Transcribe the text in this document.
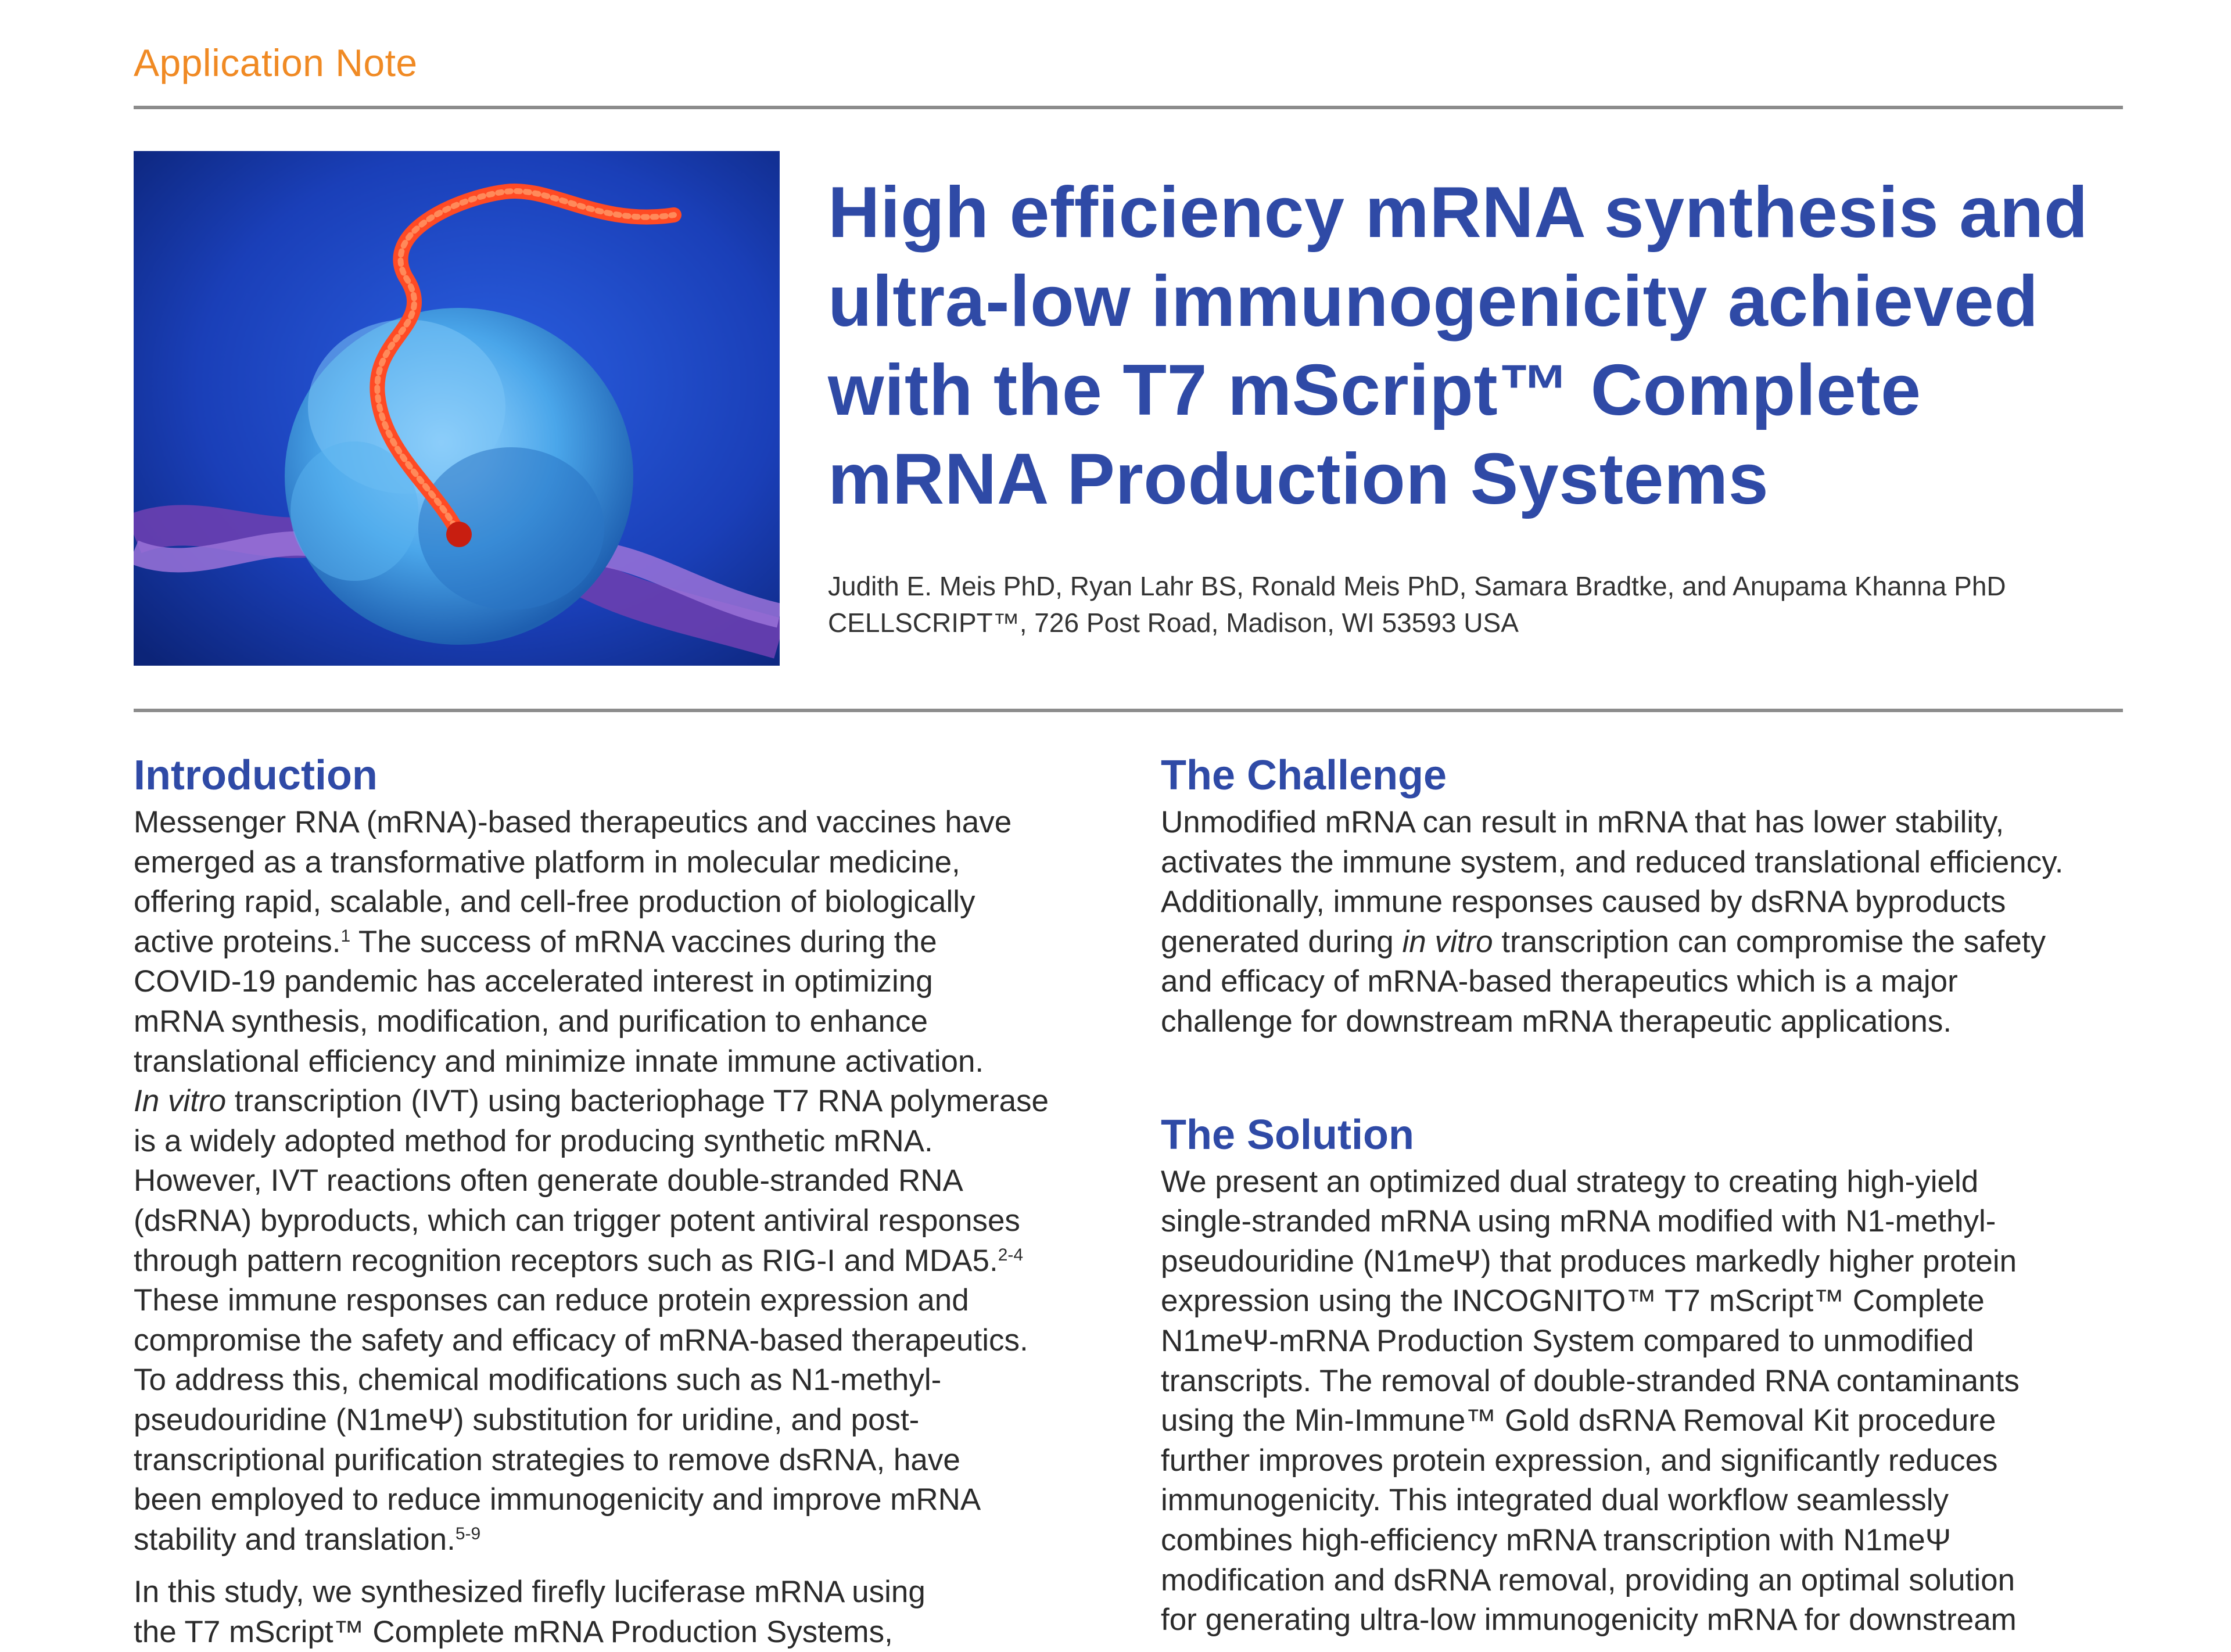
Application Note
High efficiency mRNA synthesis and
ultra-low immunogenicity achieved
with the T7 mScript™ Complete
mRNA Production Systems
Judith E. Meis PhD, Ryan Lahr BS, Ronald Meis PhD, Samara Bradtke, and Anupama Khanna PhD
CELLSCRIPT™, 726 Post Road, Madison, WI 53593 USA
Introduction
Messenger RNA (mRNA)-based therapeutics and vaccines have
emerged as a transformative platform in molecular medicine,
offering rapid, scalable, and cell-free production of biologically
active proteins.$^1$ The success of mRNA vaccines during the
COVID-19 pandemic has accelerated interest in optimizing
mRNA synthesis, modification, and purification to enhance
translational efficiency and minimize innate immune activation.
In vitro transcription (IVT) using bacteriophage T7 RNA polymerase
is a widely adopted method for producing synthetic mRNA.
However, IVT reactions often generate double-stranded RNA
(dsRNA) byproducts, which can trigger potent antiviral responses
through pattern recognition receptors such as RIG-I and MDA5.$^{2-4}$
These immune responses can reduce protein expression and
compromise the safety and efficacy of mRNA-based therapeutics.
To address this, chemical modifications such as N1-methyl-
pseudouridine (N1meΨ) substitution for uridine, and post-
transcriptional purification strategies to remove dsRNA, have
been employed to reduce immunogenicity and improve mRNA
stability and translation.$^{5-9}$
In this study, we synthesized firefly luciferase mRNA using
the T7 mScript™ Complete mRNA Production Systems,
The Challenge
Unmodified mRNA can result in mRNA that has lower stability,
activates the immune system, and reduced translational efficiency.
Additionally, immune responses caused by dsRNA byproducts
generated during in vitro transcription can compromise the safety
and efficacy of mRNA-based therapeutics which is a major
challenge for downstream mRNA therapeutic applications.
The Solution
We present an optimized dual strategy to creating high-yield
single-stranded mRNA using mRNA modified with N1-methyl-
pseudouridine (N1meΨ) that produces markedly higher protein
expression using the INCOGNITO™ T7 mScript™ Complete
N1meΨ-mRNA Production System compared to unmodified
transcripts. The removal of double-stranded RNA contaminants
using the Min-Immune™ Gold dsRNA Removal Kit procedure
further improves protein expression, and significantly reduces
immunogenicity. This integrated dual workflow seamlessly
combines high-efficiency mRNA transcription with N1meΨ
modification and dsRNA removal, providing an optimal solution
for generating ultra-low immunogenicity mRNA for downstream
